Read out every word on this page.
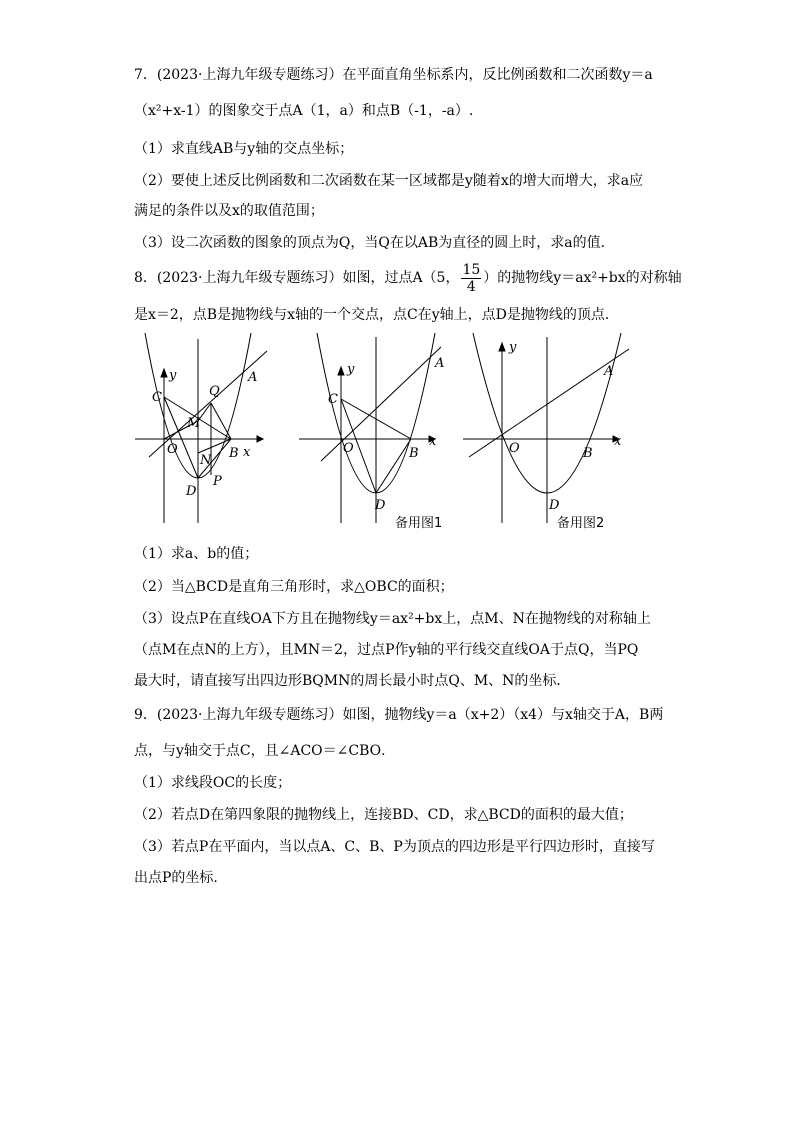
7．(2023·上海九年级专题练习）在平面直角坐标系内，反比例函数和二次函数y＝a
（x²+x-1）的图象交于点A（1，a）和点B（-1，-a）.
（1）求直线AB与y轴的交点坐标；
（2）要使上述反比例函数和二次函数在某一区域都是y随着x的增大而增大，求a应
满足的条件以及x的取值范围；
（3）设二次函数的图象的顶点为Q，当Q在以AB为直径的圆上时，求a的值.
8．(2023·上海九年级专题练习）如图，过点A（5， $\frac{15}{4}$ ）的抛物线y＝ax²+bx的对称轴
是x＝2，点B是抛物线与x轴的一个交点，点C在y轴上，点D是抛物线的顶点．
y
x
A
C	Q
M
O
N B
D
P
y
x
A
C
O	B
D
备用图1
y
x
A
O	B
D
备用图2
（1）求a、b的值；
（2）当△BCD是直角三角形时，求△OBC的面积；
（3）设点P在直线OA下方且在抛物线y＝ax²+bx上，点M、N在抛物线的对称轴上
（点M在点N的上方），且MN＝2，过点P作y轴的平行线交直线OA于点Q，当PQ
最大时，请直接写出四边形BQMN的周长最小时点Q、M、N的坐标．
9．(2023·上海九年级专题练习）如图，抛物线y＝a（x+2）（x4）与x轴交于A，B两
点，与y轴交于点C，且∠ACO＝∠CBO．
（1）求线段OC的长度；
（2）若点D在第四象限的抛物线上，连接BD、CD，求△BCD的面积的最大值；
（3）若点P在平面内，当以点A、C、B、P为顶点的四边形是平行四边形时，直接写
出点P的坐标.
